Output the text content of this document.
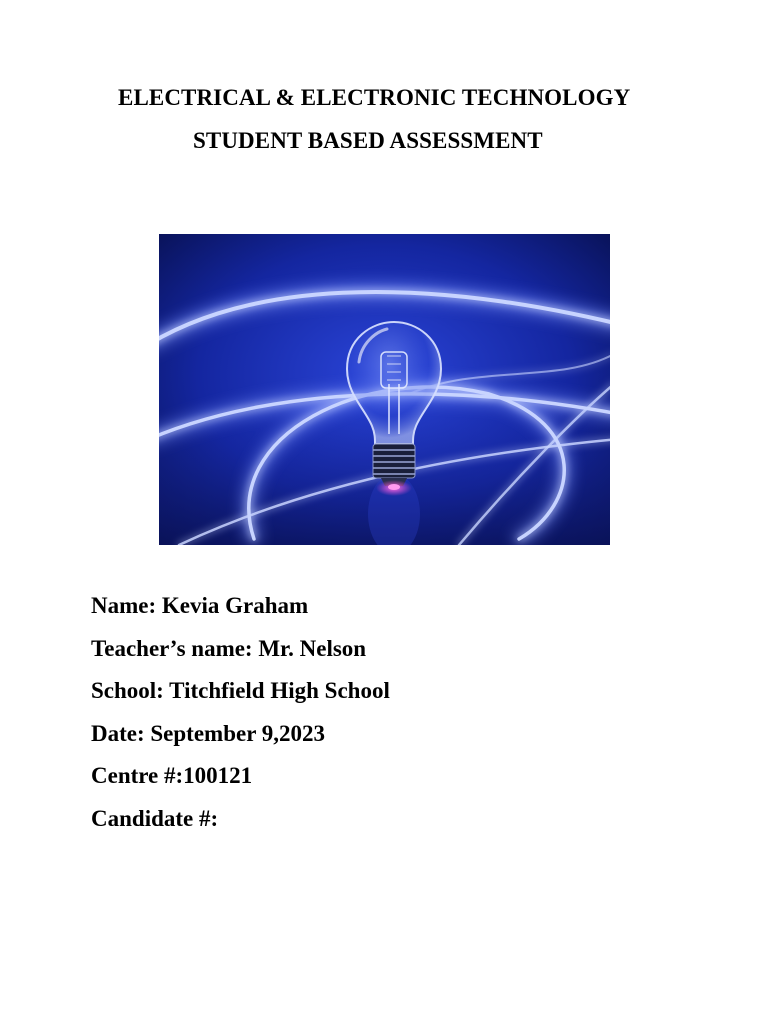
ELECTRICAL & ELECTRONIC TECHNOLOGY
STUDENT BASED ASSESSMENT
Name: Kevia Graham
Teacher’s name: Mr. Nelson
School: Titchfield High School
Date: September 9,2023
Centre #:100121
Candidate #:
